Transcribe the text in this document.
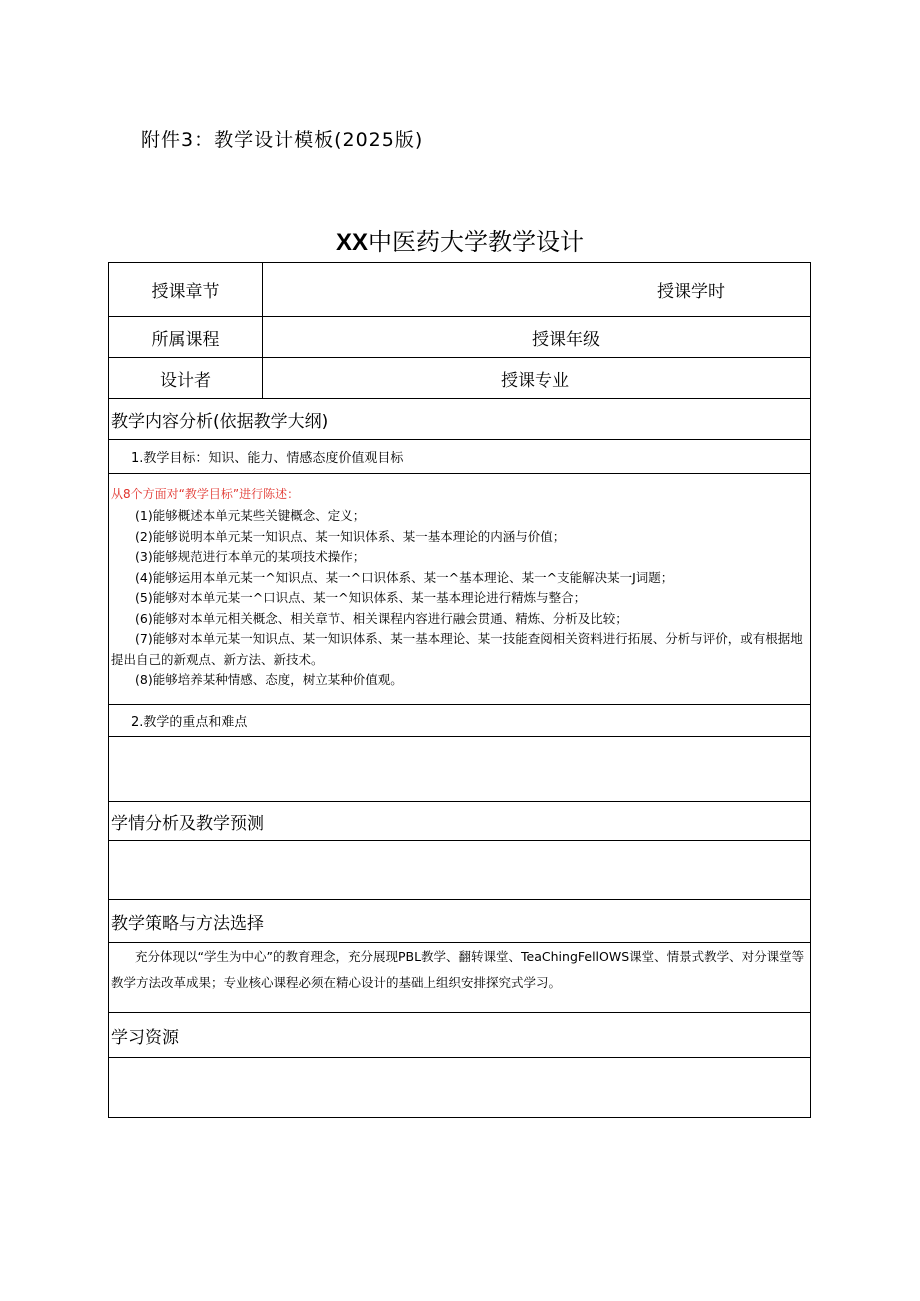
附件3：教学设计模板(2025版)
XX中医药大学教学设计
授课章节	授课学时
所属课程	授课年级
设计者	授课专业
教学内容分析(依据教学大纲)
1.教学目标：知识、能力、情感态度价值观目标
从8个方面对“教学目标”进行陈述：

(1)能够概述本单元某些关键概念、定义；

(2)能够说明本单元某一知识点、某一知识体系、某一基本理论的内涵与价值；

(3)能够规范进行本单元的某项技术操作；

(4)能够运用本单元某一^知识点、某一^口识体系、某一^基本理论、某一^支能解决某一J词题；

(5)能够对本单元某一^口识点、某一^知识体系、某一基本理论进行精炼与整合；

(6)能够对本单元相关概念、相关章节、相关课程内容进行融会贯通、精炼、分析及比较；

(7)能够对本单元某一知识点、某一知识体系、某一基本理论、某一技能查阅相关资料进行拓展、分析与评价，或有根据地提出自己的新观点、新方法、新技术。

(8)能够培养某种情感、态度，树立某种价值观。

2.教学的重点和难点
学情分析及教学预测
教学策略与方法选择
充分体现以“学生为中心”的教育理念，充分展现PBL教学、翻转课堂、TeaChingFellOWS课堂、情景式教学、对分课堂等教学方法改革成果；专业核心课程必须在精心设计的基础上组织安排探究式学习。
学习资源
